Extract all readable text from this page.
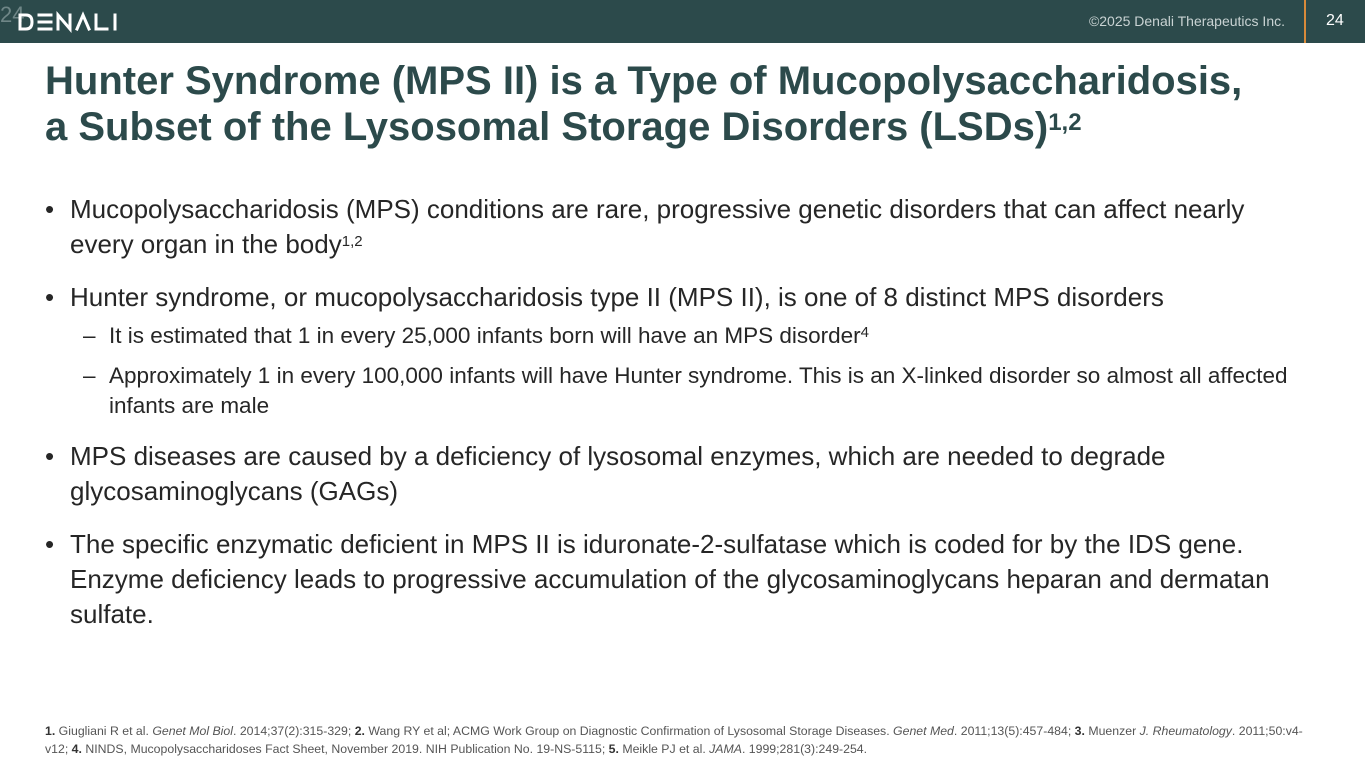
24	©2025 Denali Therapeutics Inc.	24
Hunter Syndrome (MPS II) is a Type of Mucopolysaccharidosis,
a Subset of the Lysosomal Storage Disorders (LSDs)$^{1,2}$
• Mucopolysaccharidosis (MPS) conditions are rare, progressive genetic disorders that can affect nearly every organ in the body$^{1,2}$
• Hunter syndrome, or mucopolysaccharidosis type II (MPS II), is one of 8 distinct MPS disorders
– It is estimated that 1 in every 25,000 infants born will have an MPS disorder$^4$
– Approximately 1 in every 100,000 infants will have Hunter syndrome. This is an X-linked disorder so almost all affected infants are male
• MPS diseases are caused by a deficiency of lysosomal enzymes, which are needed to degrade glycosaminoglycans (GAGs)
• The specific enzymatic deficient in MPS II is iduronate-2-sulfatase which is coded for by the IDS gene. Enzyme deficiency leads to progressive accumulation of the glycosaminoglycans heparan and dermatan sulfate.
1. Giugliani R et al. Genet Mol Biol. 2014;37(2):315-329; 2. Wang RY et al; ACMG Work Group on Diagnostic Confirmation of Lysosomal Storage Diseases. Genet Med. 2011;13(5):457-484; 3. Muenzer J. Rheumatology. 2011;50:v4-v12; 4. NINDS, Mucopolysaccharidoses Fact Sheet, November 2019. NIH Publication No. 19-NS-5115; 5. Meikle PJ et al. JAMA. 1999;281(3):249-254.
